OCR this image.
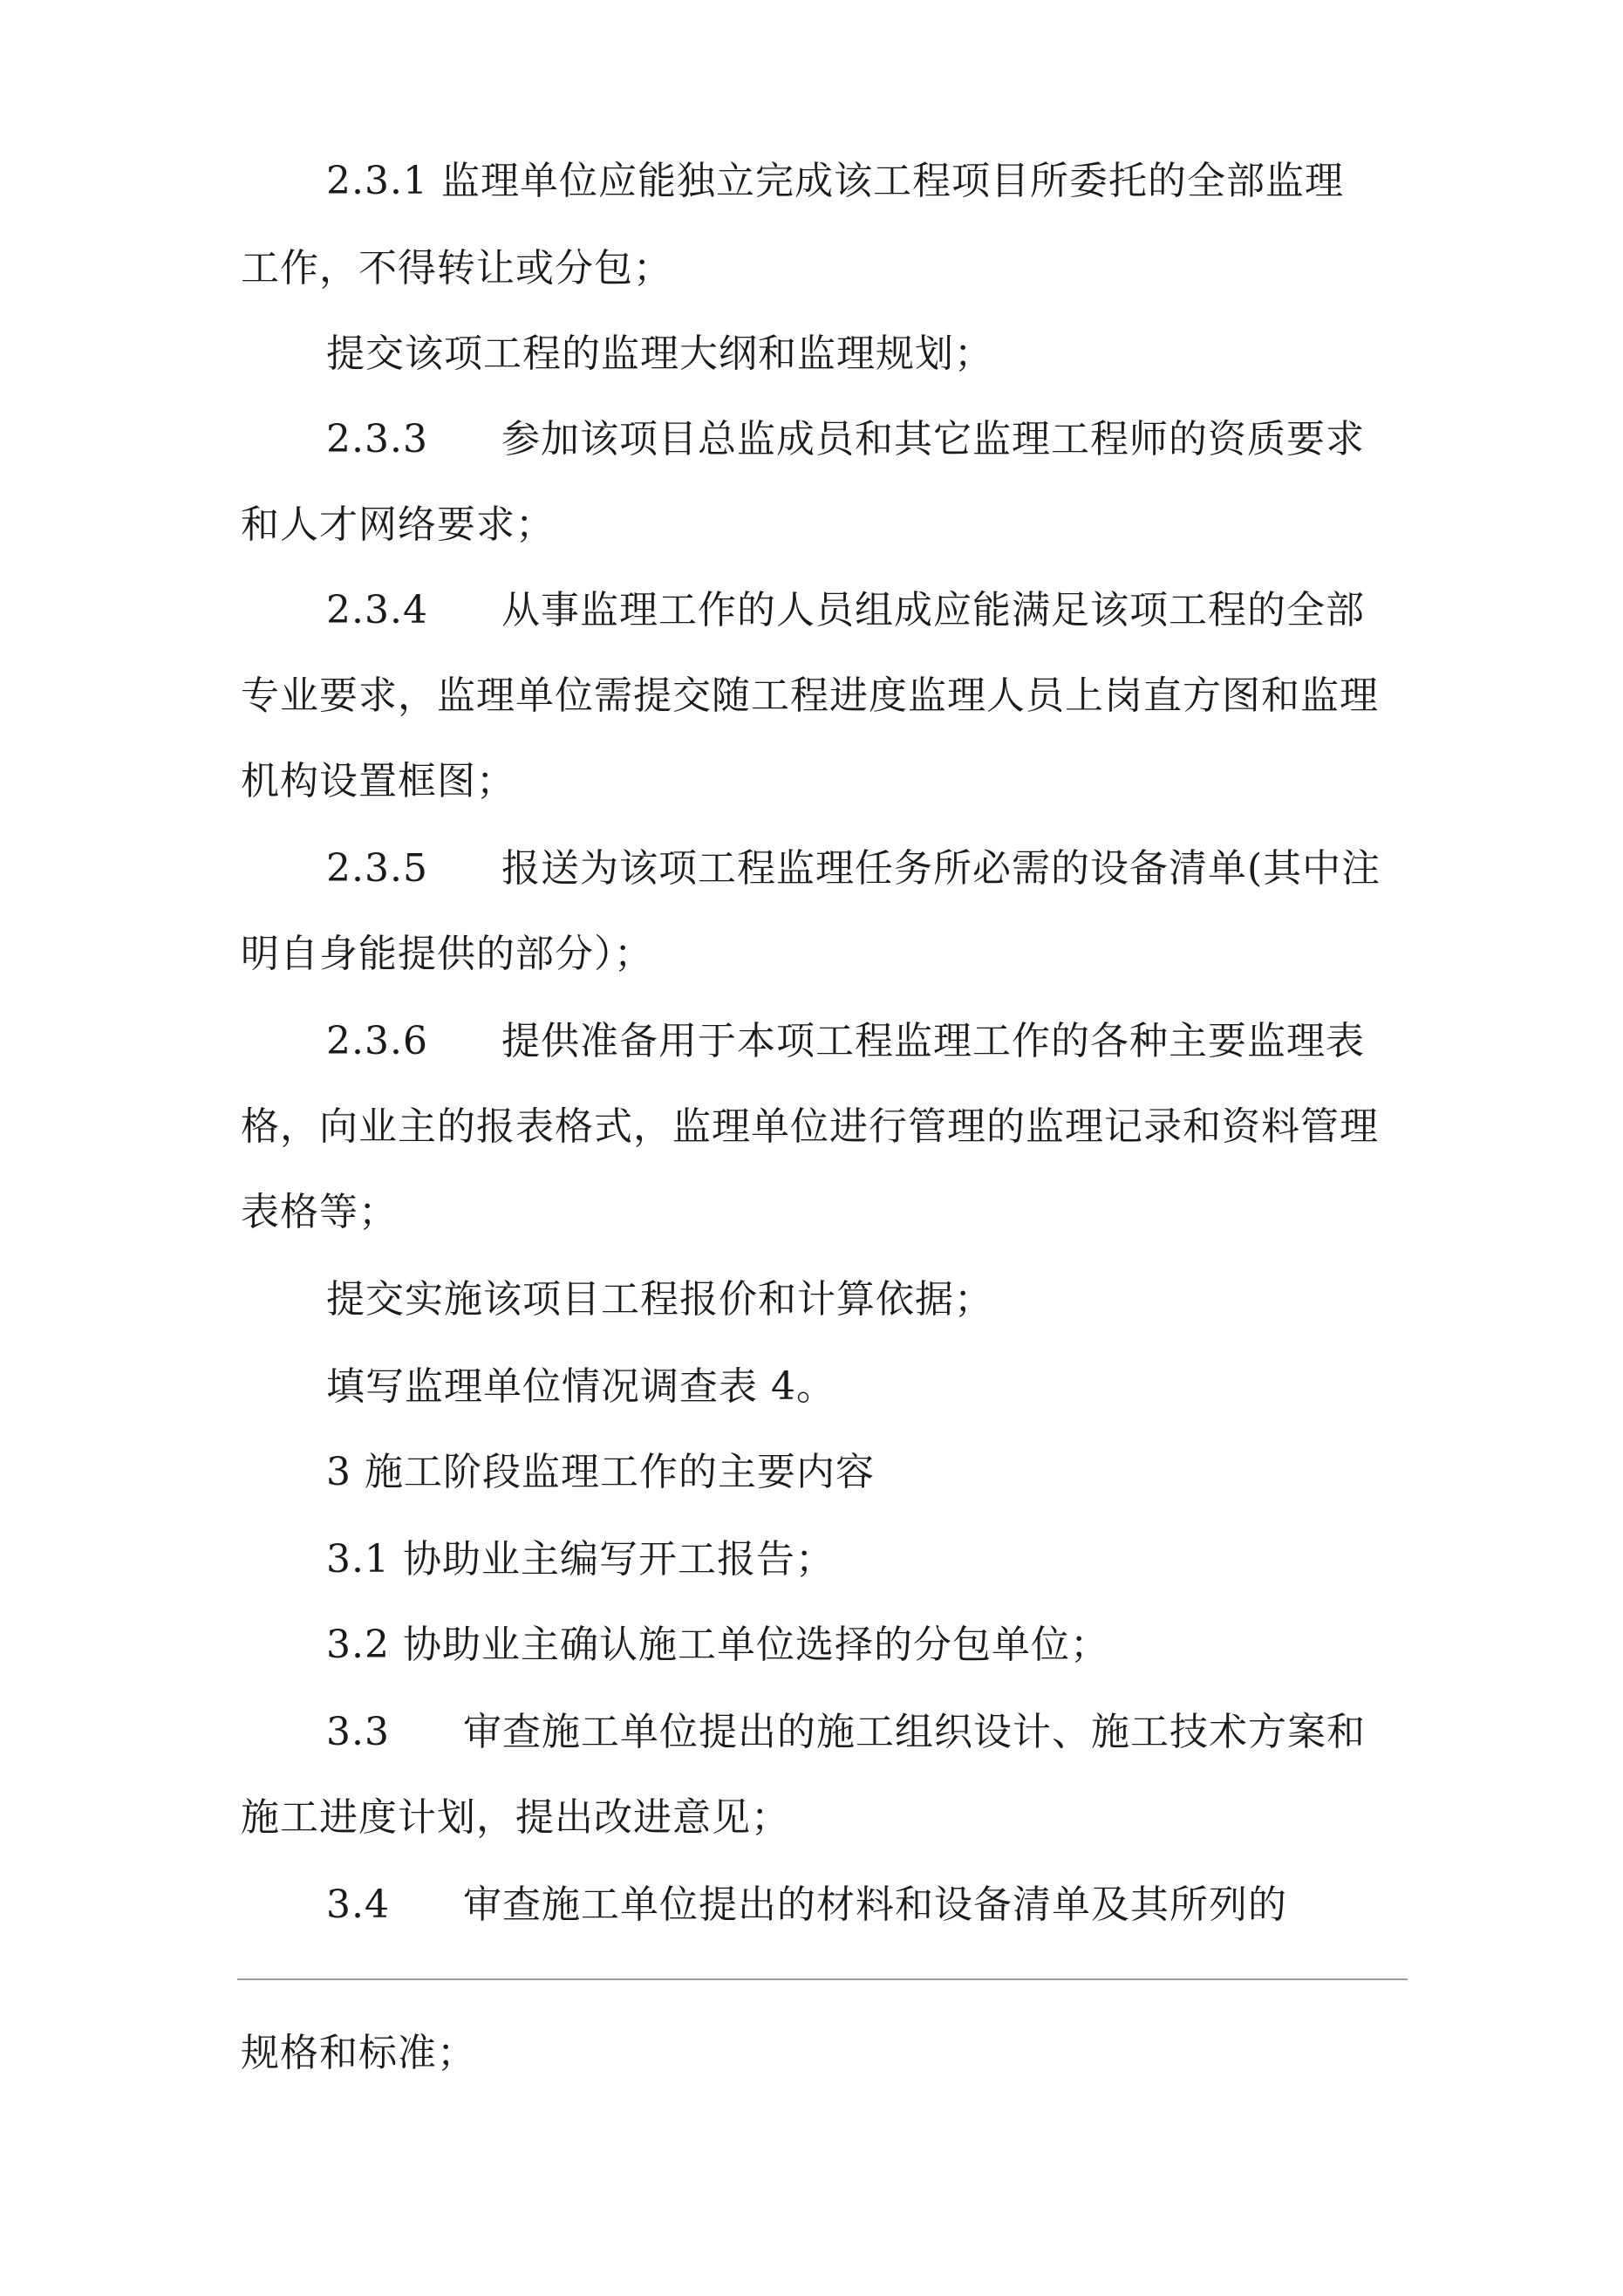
2.3.1 监理单位应能独立完成该工程项目所委托的全部监理
工作，不得转让或分包；
提交该项工程的监理大纲和监理规划；
2.3.3 参加该项目总监成员和其它监理工程师的资质要求
和人才网络要求；
2.3.4 从事监理工作的人员组成应能满足该项工程的全部
专业要求，监理单位需提交随工程进度监理人员上岗直方图和监理
机构设置框图；
2.3.5 报送为该项工程监理任务所必需的设备清单(其中注
明自身能提供的部分）；
2.3.6 提供准备用于本项工程监理工作的各种主要监理表
格，向业主的报表格式，监理单位进行管理的监理记录和资料管理
表格等；
提交实施该项目工程报价和计算依据；
填写监理单位情况调查表 4。
3 施工阶段监理工作的主要内容
3.1 协助业主编写开工报告；
3.2 协助业主确认施工单位选择的分包单位；
3.3 审查施工单位提出的施工组织设计、施工技术方案和
施工进度计划，提出改进意见；
3.4 审查施工单位提出的材料和设备清单及其所列的
规格和标准；
